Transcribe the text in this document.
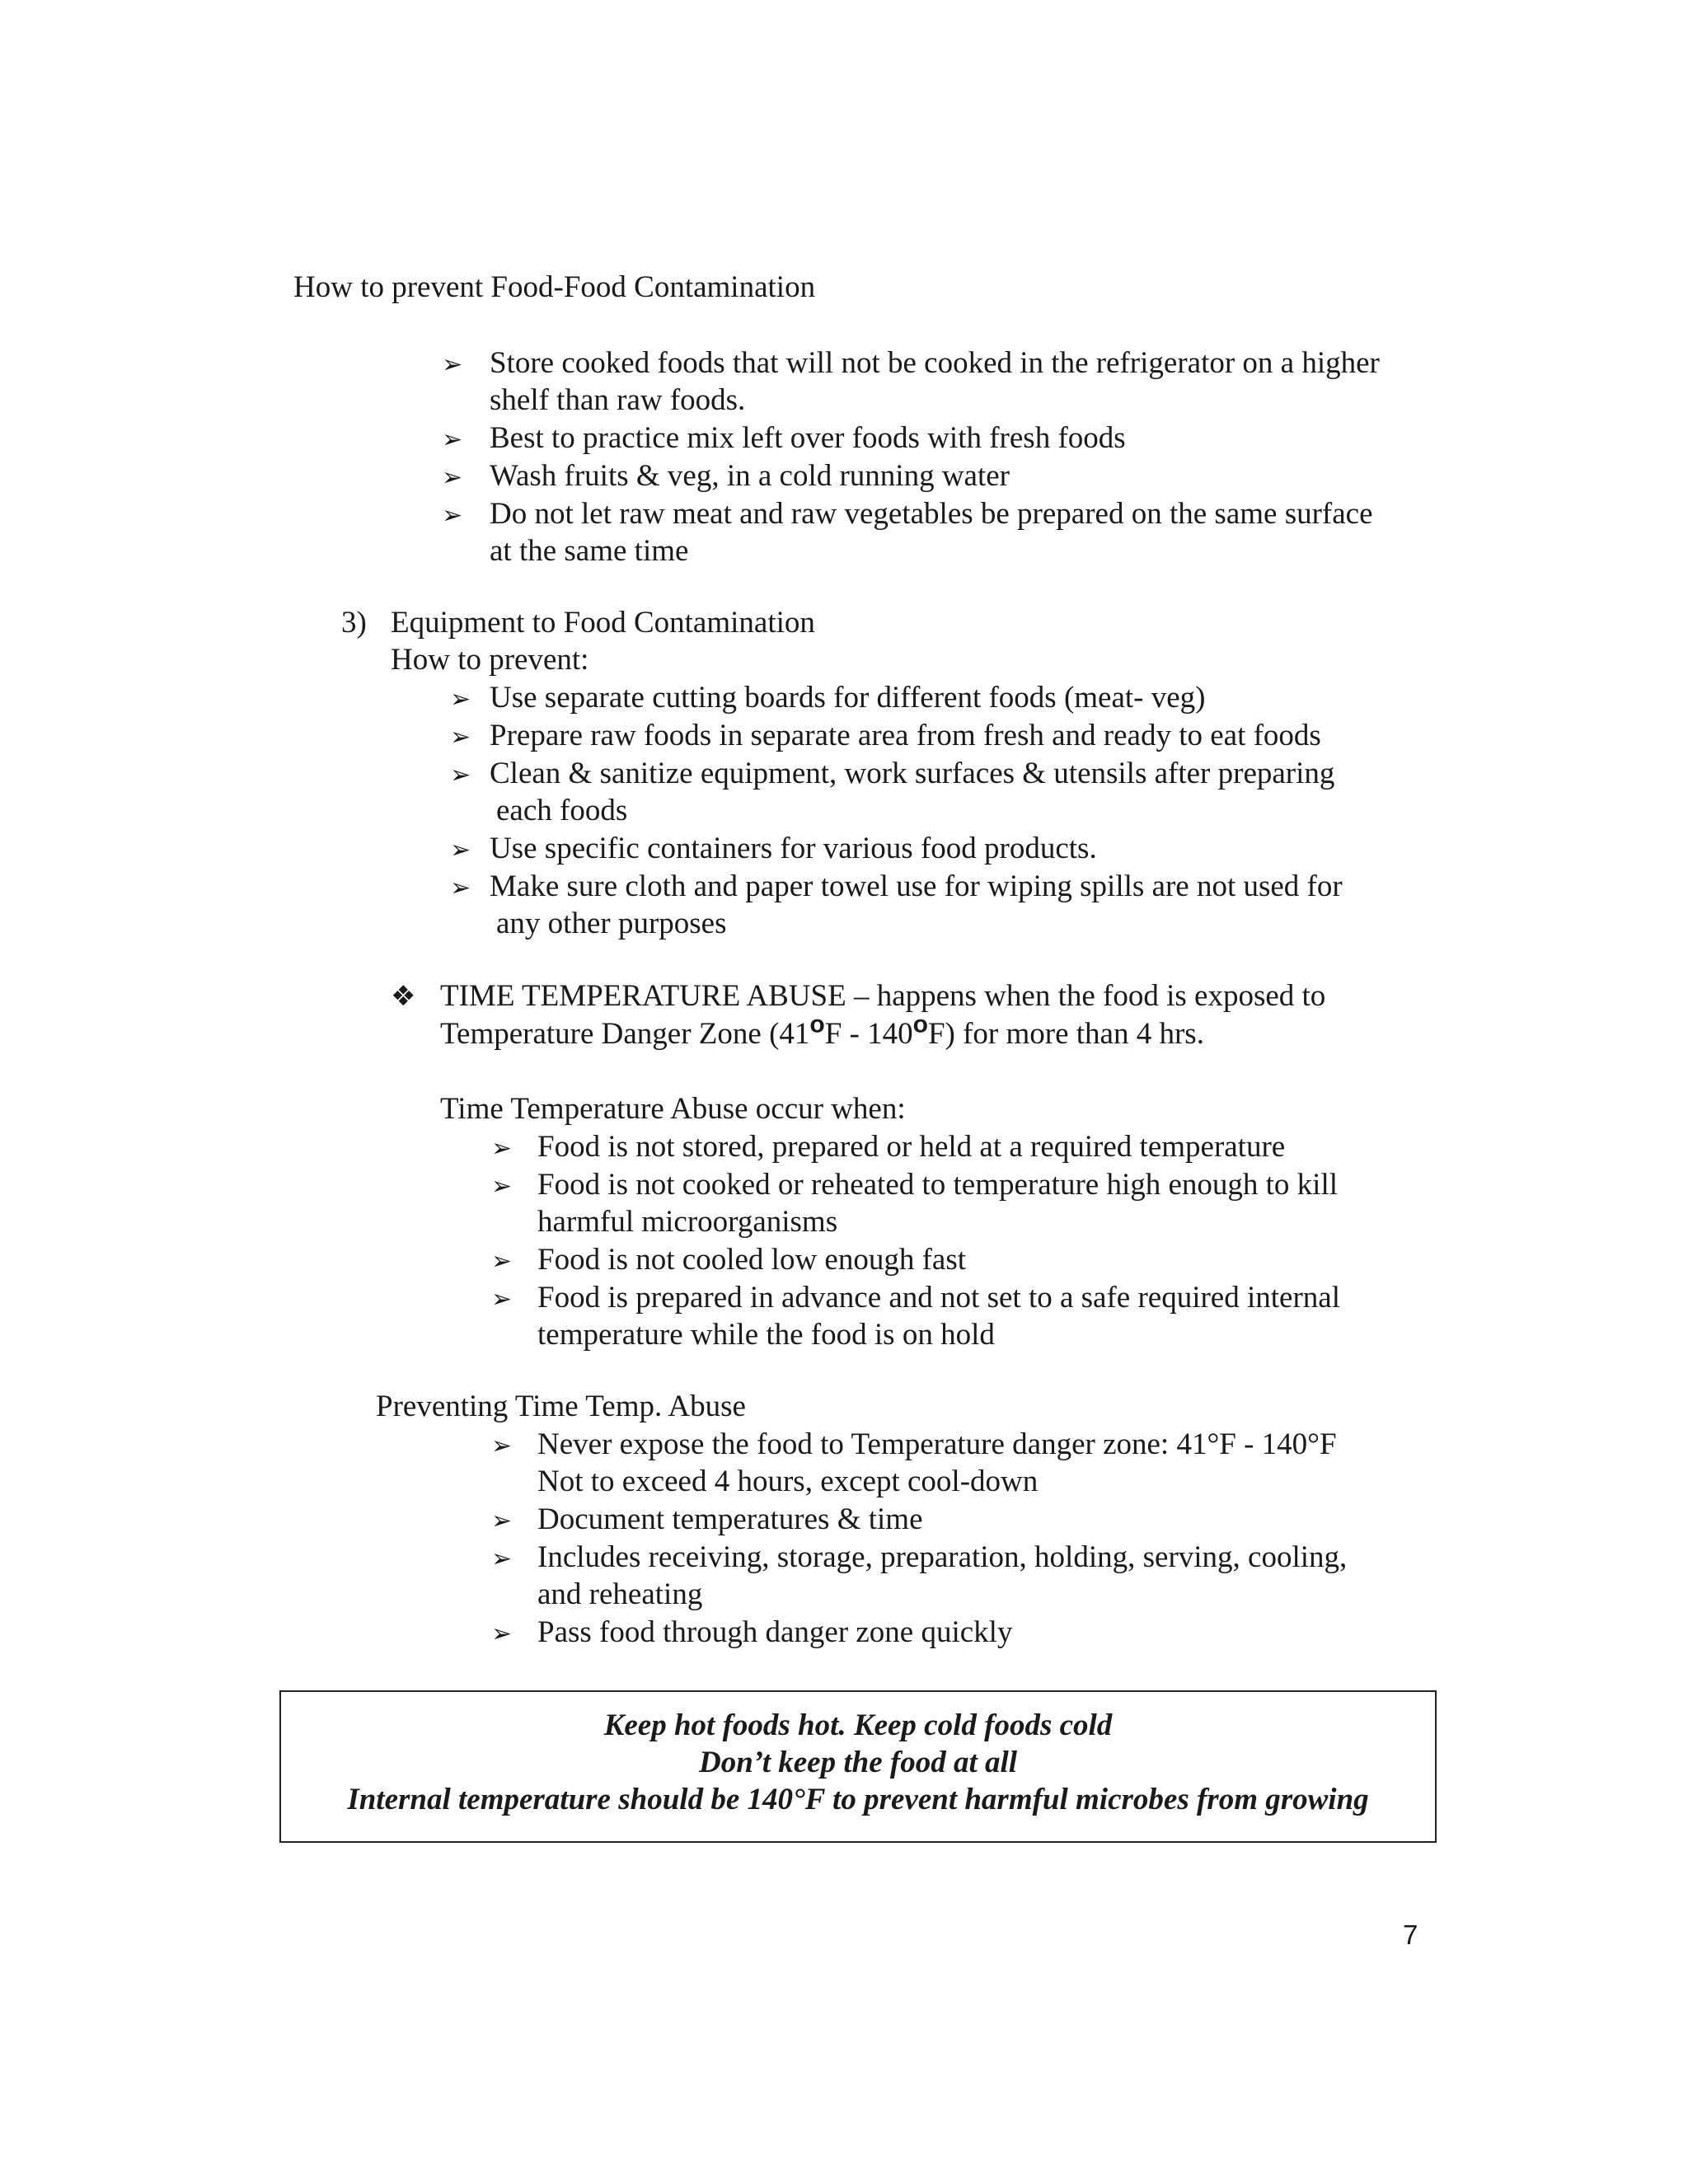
How to prevent Food-Food Contamination

➢ Store cooked foods that will not be cooked in the refrigerator on a higher

shelf than raw foods.

➢ Best to practice mix left over foods with fresh foods

➢ Wash fruits & veg, in a cold running water

➢ Do not let raw meat and raw vegetables be prepared on the same surface

at the same time

3) Equipment to Food Contamination

How to prevent:

➢ Use separate cutting boards for different foods (meat- veg)

➢ Prepare raw foods in separate area from fresh and ready to eat foods

➢ Clean & sanitize equipment, work surfaces & utensils after preparing

each foods

➢ Use specific containers for various food products.

➢ Make sure cloth and paper towel use for wiping spills are not used for

any other purposes

❖ TIME TEMPERATURE ABUSE – happens when the food is exposed to

Temperature Danger Zone (41$^o$F - 140$^o$F) for more than 4 hrs.

Time Temperature Abuse occur when:

➢ Food is not stored, prepared or held at a required temperature

➢ Food is not cooked or reheated to temperature high enough to kill

harmful microorganisms

➢ Food is not cooled low enough fast

➢ Food is prepared in advance and not set to a safe required internal

temperature while the food is on hold

Preventing Time Temp. Abuse

➢ Never expose the food to Temperature danger zone: 41°F - 140°F

Not to exceed 4 hours, except cool-down

➢ Document temperatures & time

➢ Includes receiving, storage, preparation, holding, serving, cooling,

and reheating

➢ Pass food through danger zone quickly

Keep hot foods hot. Keep cold foods cold
Don’t keep the food at all
Internal temperature should be 140°F to prevent harmful microbes from growing
7
